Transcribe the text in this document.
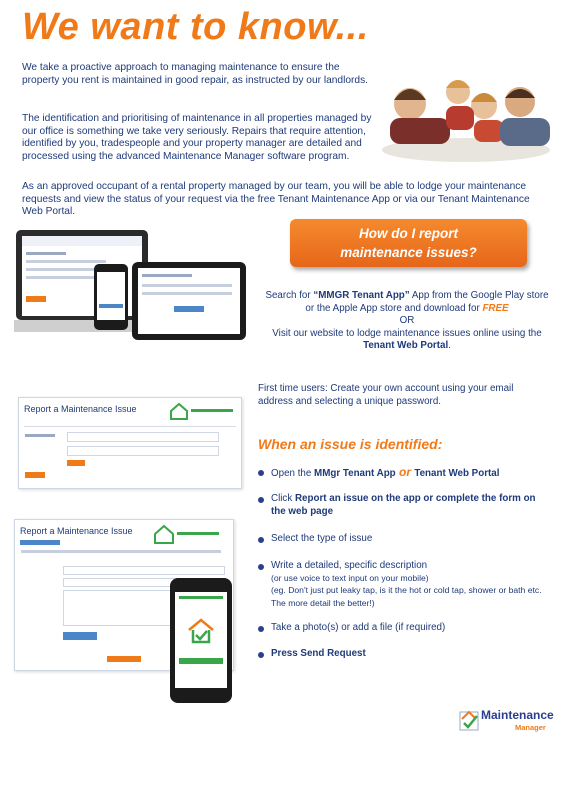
We want to know...
We take a proactive approach to managing maintenance to ensure the property you rent is maintained in good repair, as instructed by our landlords.
The identification and prioritising of maintenance in all properties managed by our office is something we take very seriously. Repairs that require attention, identified by you, tradespeople and your property manager are detailed and processed using the advanced Maintenance Manager software program.
As an approved occupant of a rental property managed by our team, you will be able to lodge your maintenance requests and view the status of your request via the free Tenant Maintenance App or via our Tenant Maintenance Web Portal.
How do I report
maintenance issues?
Search for “MMGR Tenant App” App from the Google Play store or the Apple App store and download for FREE
OR
Visit our website to lodge maintenance issues online using the Tenant Web Portal.
Report a Maintenance Issue
Report a Maintenance Issue
First time users: Create your own account using your email address and selecting a unique password.
When an issue is identified:
Open the MMgr Tenant App or Tenant Web Portal
Click Report an issue on the app or complete the form on the web page
Select the type of issue
Write a detailed, specific description
(or use voice to text input on your mobile)
(eg. Don't just put leaky tap, is it the hot or cold tap, shower or bath etc. The more detail the better!)
Take a photo(s) or add a file (if required)
Press Send Request
Maintenance
Manager
